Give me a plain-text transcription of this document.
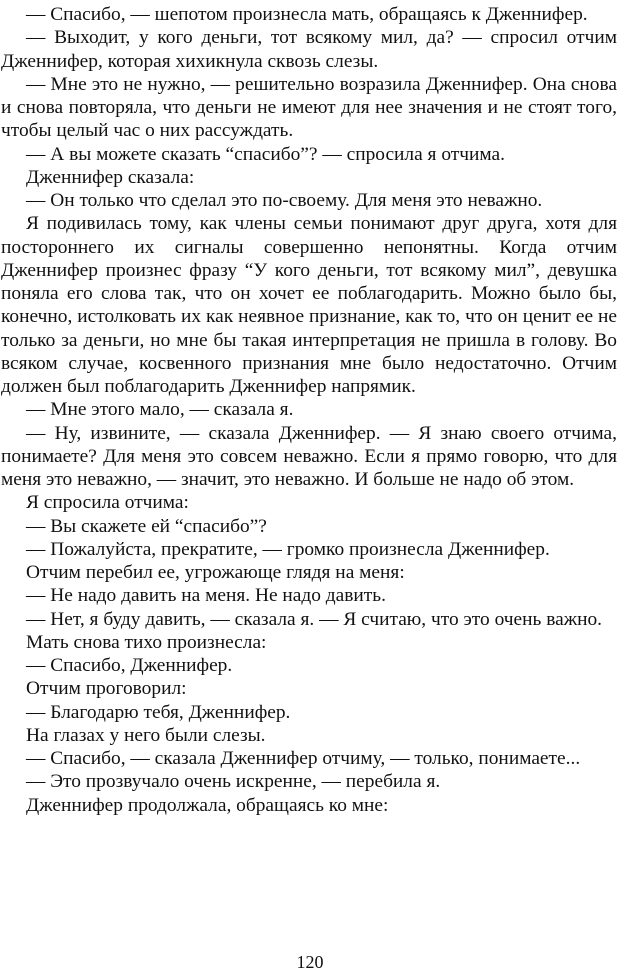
— Спасибо, — шепотом произнесла мать, обращаясь к Дженнифер.

— Выходит, у кого деньги, тот всякому мил, да? — спросил отчим Дженнифер, которая хихикнула сквозь слезы.

— Мне это не нужно, — решительно возразила Дженнифер. Она снова и снова повторяла, что деньги не имеют для нее значения и не стоят того, чтобы целый час о них рассуждать.

— А вы можете сказать “спасибо”? — спросила я отчима.

Дженнифер сказала:

— Он только что сделал это по-своему. Для меня это неважно.

Я подивилась тому, как члены семьи понимают друг друга, хотя для постороннего их сигналы совершенно непонятны. Когда отчим Дженнифер произнес фразу “У кого деньги, тот всякому мил”, девушка поняла его слова так, что он хочет ее поблагодарить. Можно было бы, конечно, истолковать их как неявное признание, как то, что он ценит ее не только за деньги, но мне бы такая интерпретация не пришла в голову. Во всяком случае, косвенного признания мне было недостаточно. Отчим должен был поблагодарить Дженнифер напрямик.

— Мне этого мало, — сказала я.

— Ну, извините, — сказала Дженнифер. — Я знаю своего отчима, понимаете? Для меня это совсем неважно. Если я прямо говорю, что для меня это неважно, — значит, это неважно. И больше не надо об этом.

Я спросила отчима:

— Вы скажете ей “спасибо”?

— Пожалуйста, прекратите, — громко произнесла Дженнифер.

Отчим перебил ее, угрожающе глядя на меня:

— Не надо давить на меня. Не надо давить.

— Нет, я буду давить, — сказала я. — Я считаю, что это очень важно.

Мать снова тихо произнесла:

— Спасибо, Дженнифер.

Отчим проговорил:

— Благодарю тебя, Дженнифер.

На глазах у него были слезы.

— Спасибо, — сказала Дженнифер отчиму, — только, понимаете...

— Это прозвучало очень искренне, — перебила я.

Дженнифер продолжала, обращаясь ко мне:

120
